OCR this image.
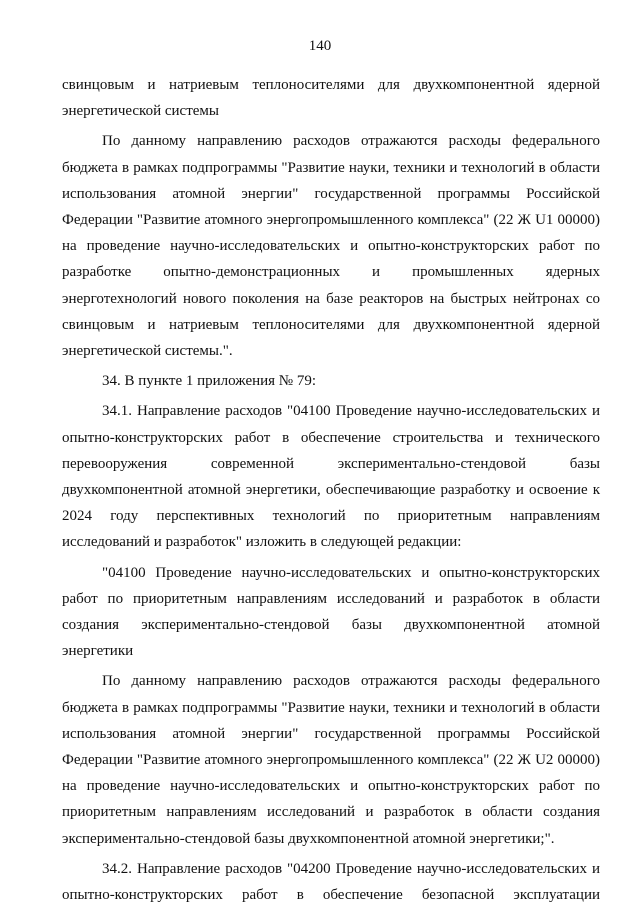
140

свинцовым и натриевым теплоносителями для двухкомпонентной ядерной энергетической системы

По данному направлению расходов отражаются расходы федерального бюджета в рамках подпрограммы "Развитие науки, техники и технологий в области использования атомной энергии" государственной программы Российской Федерации "Развитие атомного энергопромышленного комплекса" (22 Ж U1 00000) на проведение научно-исследовательских и опытно-конструкторских работ по разработке опытно-демонстрационных и промышленных ядерных энерготехнологий нового поколения на базе реакторов на быстрых нейтронах со свинцовым и натриевым теплоносителями для двухкомпонентной ядерной энергетической системы.".

34. В пункте 1 приложения № 79:

34.1. Направление расходов "04100 Проведение научно-исследовательских и опытно-конструкторских работ в обеспечение строительства и технического перевооружения современной экспериментально-стендовой базы двухкомпонентной атомной энергетики, обеспечивающие разработку и освоение к 2024 году перспективных технологий по приоритетным направлениям исследований и разработок" изложить в следующей редакции:

"04100 Проведение научно-исследовательских и опытно-конструкторских работ по приоритетным направлениям исследований и разработок в области создания экспериментально-стендовой базы двухкомпонентной атомной энергетики

По данному направлению расходов отражаются расходы федерального бюджета в рамках подпрограммы "Развитие науки, техники и технологий в области использования атомной энергии" государственной программы Российской Федерации "Развитие атомного энергопромышленного комплекса" (22 Ж U2 00000) на проведение научно-исследовательских и опытно-конструкторских работ по приоритетным направлениям исследований и разработок в области создания экспериментально-стендовой базы двухкомпонентной атомной энергетики;".

34.2. Направление расходов "04200 Проведение научно-исследовательских и опытно-конструкторских работ в обеспечение безопасной эксплуатации
